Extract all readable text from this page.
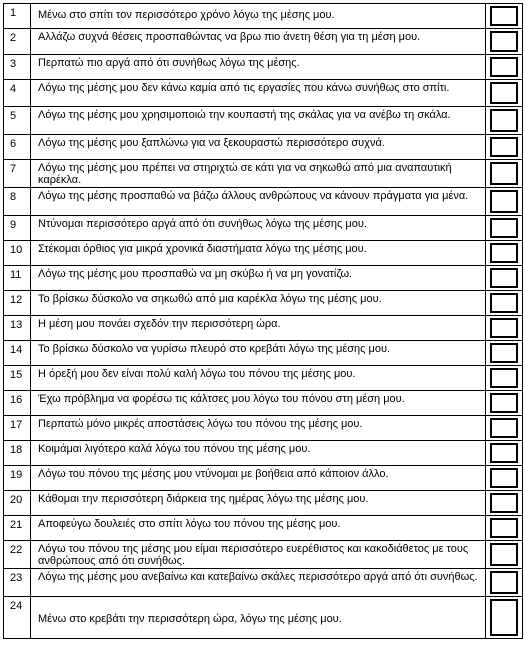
1	Μένω στο σπίτι τον περισσότερο χρόνο λόγω της μέσης μου.	

2	Αλλάζω συχνά θέσεις προσπαθώντας να βρω πιο άνετη θέση για τη μέση μου.	

3	Περπατώ πιο αργά από ότι συνήθως λόγω της μέσης.	

4	Λόγω της μέσης μου δεν κάνω καμία από τις εργασίες που κάνω συνήθως στο σπίτι.	

5	Λόγω της μέσης μου χρησιμοποιώ την κουπαστή της σκάλας για να ανέβω τη σκάλα.	

6	Λόγω της μέσης μου ξαπλώνω για να ξεκουραστώ περισσότερο συχνά.	

7	Λόγω της μέσης μου πρέπει να στηριχτώ σε κάτι για να σηκωθώ από μια αναπαυτική καρέκλα.	

8	Λόγω της μέσης προσπαθώ να βάζω άλλους ανθρώπους να κάνουν πράγματα για μένα.	

9	Ντύνομαι περισσότερο αργά από ότι συνήθως λόγω της μέσης μου.	

10	Στέκομαι όρθιος για μικρά χρονικά διαστήματα λόγω της μέσης μου.	

11	Λόγω της μέσης μου προσπαθώ να μη σκύβω ή να μη γονατίζω.	

12	Το βρίσκω δύσκολο να σηκωθώ από μια καρέκλα λόγω της μέσης μου.	

13	Η μέση μου πονάει σχεδόν την περισσότερη ώρα.	

14	Το βρίσκω δύσκολο να γυρίσω πλευρό στο κρεβάτι λόγω της μέσης μου.	

15	Η όρεξή μου δεν είναι πολύ καλή λόγω του πόνου της μέσης μου.	

16	Έχω πρόβλημα να φορέσω τις κάλτσες μου λόγω του πόνου στη μέση μου.	

17	Περπατώ μόνο μικρές αποστάσεις λόγω του πόνου της μέσης μου.	

18	Κοιμάμαι λιγότερο καλά λόγω του πόνου της μέσης μου.	

19	Λόγω του πόνου της μέσης μου ντύνομαι με βοήθεια από κάποιον άλλο.	

20	Κάθομαι την περισσότερη διάρκεια της ημέρας λόγω της μέσης μου.	

21	Αποφεύγω δουλειές στο σπίτι λόγω του πόνου της μέσης μου.	

22	Λόγω του πόνου της μέσης μου είμαι περισσότερο ευερέθιστος και κακοδιάθετος με τους ανθρώπους από ότι συνήθως.	

23	Λόγω της μέσης μου ανεβαίνω και κατεβαίνω σκάλες περισσότερο αργά από ότι συνήθως.	

24	Μένω στο κρεβάτι την περισσότερη ώρα, λόγω της μέσης μου.	
